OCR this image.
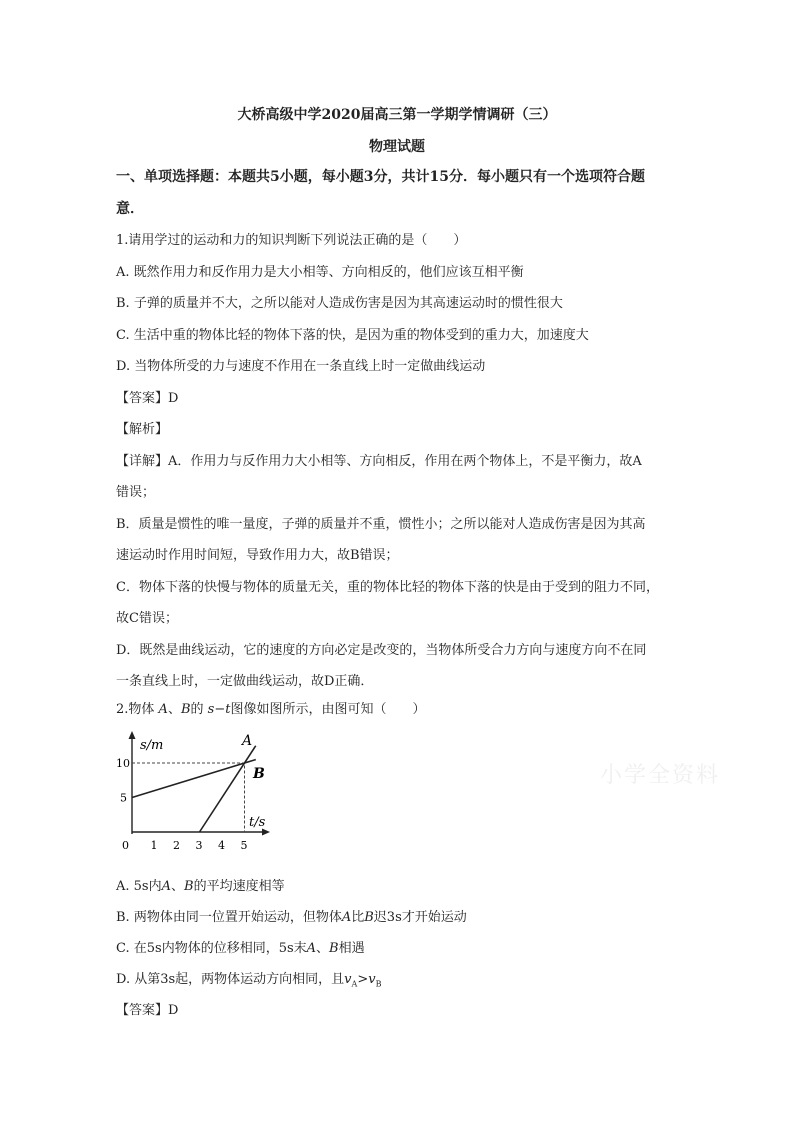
大桥高级中学2020届高三第一学期学情调研（三）
物理试题
一、单项选择题：本题共5小题，每小题3分，共计15分．每小题只有一个选项符合题
意．
1.请用学过的运动和力的知识判断下列说法正确的是（　　）
A. 既然作用力和反作用力是大小相等、方向相反的，他们应该互相平衡
B. 子弹的质量并不大，之所以能对人造成伤害是因为其高速运动时的惯性很大
C. 生活中重的物体比轻的物体下落的快，是因为重的物体受到的重力大，加速度大
D. 当物体所受的力与速度不作用在一条直线上时一定做曲线运动
【答案】D
【解析】
【详解】A．作用力与反作用力大小相等、方向相反，作用在两个物体上，不是平衡力，故A
错误；
B．质量是惯性的唯一量度，子弹的质量并不重，惯性小；之所以能对人造成伤害是因为其高
速运动时作用时间短，导致作用力大，故B错误；
C．物体下落的快慢与物体的质量无关，重的物体比轻的物体下落的快是由于受到的阻力不同，
故C错误；
D．既然是曲线运动，它的速度的方向必定是改变的，当物体所受合力方向与速度方向不在同
一条直线上时，一定做曲线运动，故D正确．
2.物体 A、B的 s−t图像如图所示，由图可知（　　）
0 1 2 3 4 5
5
10
s/m
t/s
A
B
A. 5s内A、B的平均速度相等
B. 两物体由同一位置开始运动，但物体A比B迟3s才开始运动
C. 在5s内物体的位移相同，5s末A、B相遇
D. 从第3s起，两物体运动方向相同，且$v_A>v_B$
【答案】D
小学全资料
